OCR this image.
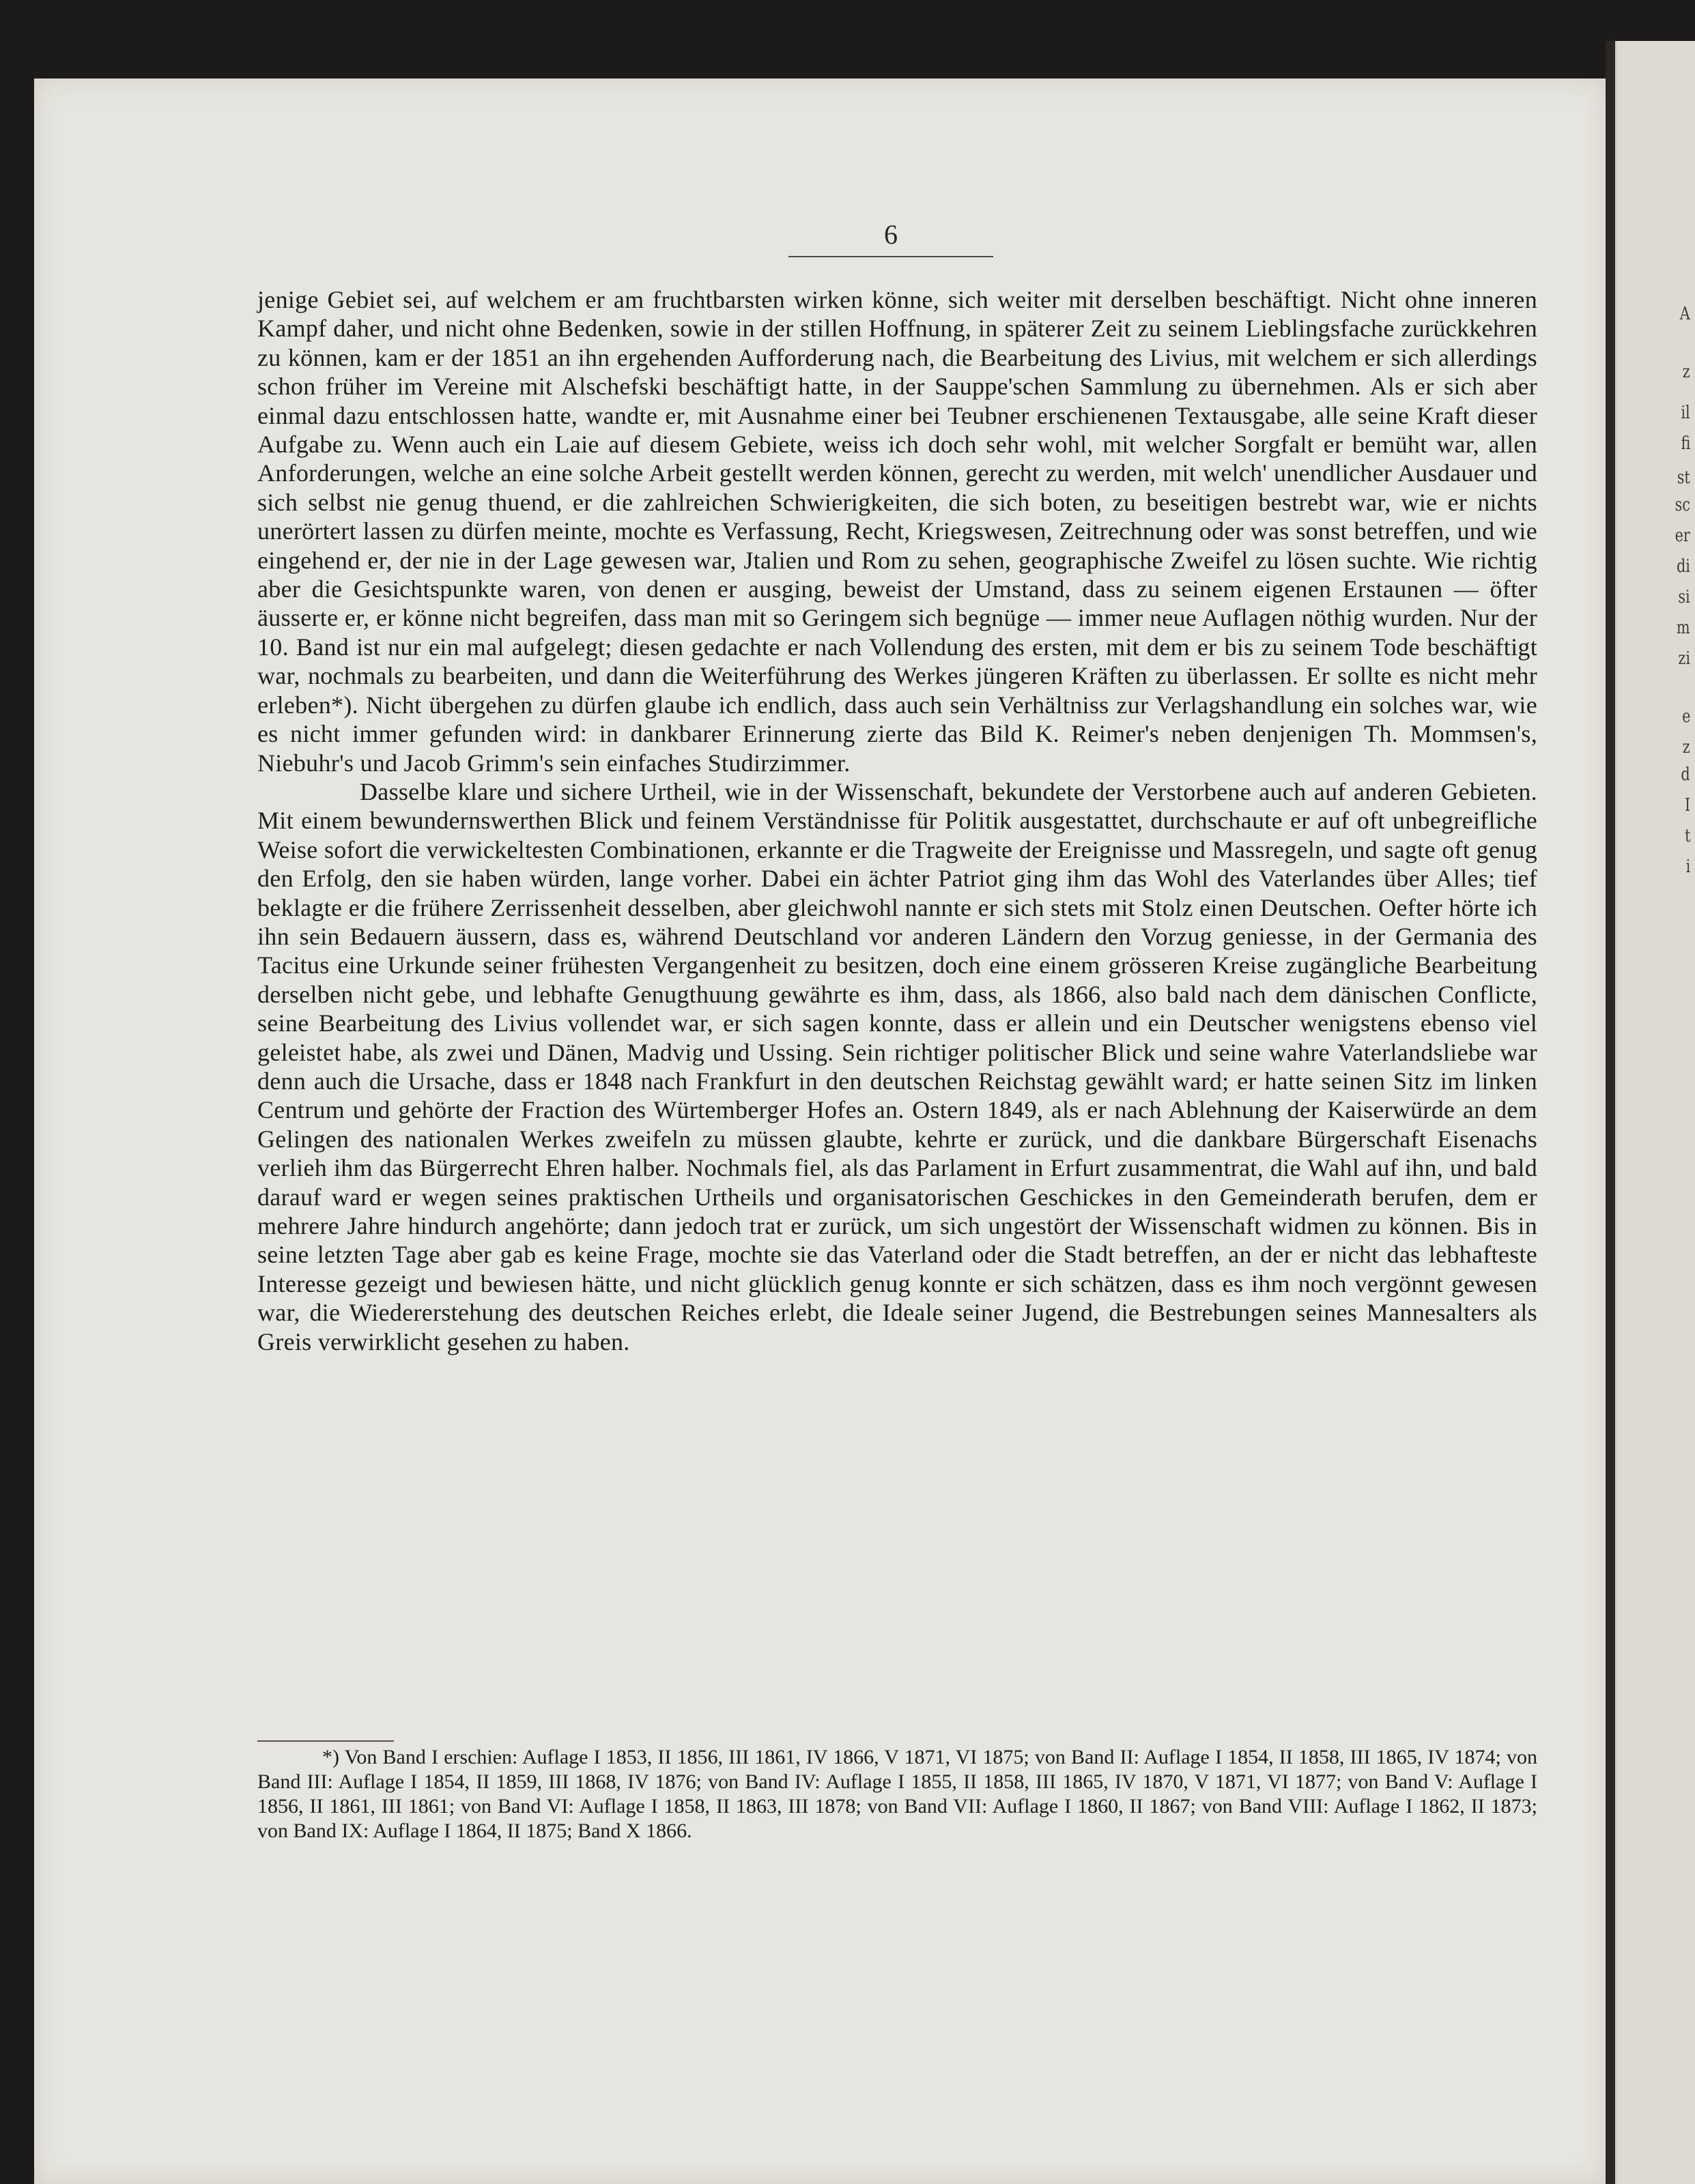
A
z
il
fi
st
sc
er
di
si
m
zi
e
z
d
I
t
i
6

jenige Gebiet sei, auf welchem er am fruchtbarsten wirken könne, sich weiter mit derselben beschäftigt. Nicht ohne inneren Kampf daher, und nicht ohne Bedenken, sowie in der stillen Hoffnung, in späterer Zeit zu seinem Lieblingsfache zurückkehren zu können, kam er der 1851 an ihn ergehenden Aufforderung nach, die Bearbeitung des Livius, mit welchem er sich allerdings schon früher im Vereine mit Alschefski beschäftigt hatte, in der Sauppe'schen Sammlung zu übernehmen. Als er sich aber einmal dazu entschlossen hatte, wandte er, mit Ausnahme einer bei Teubner erschienenen Textausgabe, alle seine Kraft dieser Aufgabe zu. Wenn auch ein Laie auf diesem Gebiete, weiss ich doch sehr wohl, mit welcher Sorgfalt er bemüht war, allen Anforderungen, welche an eine solche Arbeit gestellt werden können, gerecht zu werden, mit welch' unendlicher Ausdauer und sich selbst nie genug thuend, er die zahlreichen Schwierigkeiten, die sich boten, zu beseitigen bestrebt war, wie er nichts unerörtert lassen zu dürfen meinte, mochte es Verfassung, Recht, Kriegswesen, Zeitrechnung oder was sonst betreffen, und wie eingehend er, der nie in der Lage gewesen war, Jtalien und Rom zu sehen, geographische Zweifel zu lösen suchte. Wie richtig aber die Gesichtspunkte waren, von denen er ausging, beweist der Umstand, dass zu seinem eigenen Erstaunen — öfter äusserte er, er könne nicht begreifen, dass man mit so Geringem sich begnüge — immer neue Auflagen nöthig wurden. Nur der 10. Band ist nur ein mal aufgelegt; diesen gedachte er nach Vollendung des ersten, mit dem er bis zu seinem Tode beschäftigt war, nochmals zu bearbeiten, und dann die Weiterführung des Werkes jüngeren Kräften zu überlassen. Er sollte es nicht mehr erleben*). Nicht übergehen zu dürfen glaube ich endlich, dass auch sein Verhältniss zur Verlagshandlung ein solches war, wie es nicht immer gefunden wird: in dankbarer Erinnerung zierte das Bild K. Reimer's neben denjenigen Th. Mommsen's, Niebuhr's und Jacob Grimm's sein einfaches Studirzimmer.

Dasselbe klare und sichere Urtheil, wie in der Wissenschaft, bekundete der Verstorbene auch auf anderen Gebieten. Mit einem bewundernswerthen Blick und feinem Verständnisse für Politik ausgestattet, durchschaute er auf oft unbegreifliche Weise sofort die verwickeltesten Combinationen, erkannte er die Tragweite der Ereignisse und Massregeln, und sagte oft genug den Erfolg, den sie haben würden, lange vorher. Dabei ein ächter Patriot ging ihm das Wohl des Vaterlandes über Alles; tief beklagte er die frühere Zerrissenheit desselben, aber gleichwohl nannte er sich stets mit Stolz einen Deutschen. Oefter hörte ich ihn sein Bedauern äussern, dass es, während Deutschland vor anderen Ländern den Vorzug geniesse, in der Germania des Tacitus eine Urkunde seiner frühesten Vergangenheit zu besitzen, doch eine einem grösseren Kreise zugängliche Bearbeitung derselben nicht gebe, und lebhafte Genugthuung gewährte es ihm, dass, als 1866, also bald nach dem dänischen Conflicte, seine Bearbeitung des Livius vollendet war, er sich sagen konnte, dass er allein und ein Deutscher wenigstens ebenso viel geleistet habe, als zwei und Dänen, Madvig und Ussing. Sein richtiger politischer Blick und seine wahre Vaterlandsliebe war denn auch die Ursache, dass er 1848 nach Frankfurt in den deutschen Reichstag gewählt ward; er hatte seinen Sitz im linken Centrum und gehörte der Fraction des Würtemberger Hofes an. Ostern 1849, als er nach Ablehnung der Kaiserwürde an dem Gelingen des nationalen Werkes zweifeln zu müssen glaubte, kehrte er zurück, und die dankbare Bürgerschaft Eisenachs verlieh ihm das Bürgerrecht Ehren halber. Nochmals fiel, als das Parlament in Erfurt zusammentrat, die Wahl auf ihn, und bald darauf ward er wegen seines praktischen Urtheils und organisatorischen Geschickes in den Gemeinderath berufen, dem er mehrere Jahre hindurch angehörte; dann jedoch trat er zurück, um sich ungestört der Wissenschaft widmen zu können. Bis in seine letzten Tage aber gab es keine Frage, mochte sie das Vaterland oder die Stadt betreffen, an der er nicht das lebhafteste Interesse gezeigt und bewiesen hätte, und nicht glücklich genug konnte er sich schätzen, dass es ihm noch vergönnt gewesen war, die Wiedererstehung des deutschen Reiches erlebt, die Ideale seiner Jugend, die Bestrebungen seines Mannesalters als Greis verwirklicht gesehen zu haben.

*) Von Band I erschien: Auflage I 1853, II 1856, III 1861, IV 1866, V 1871, VI 1875; von Band II: Auflage I 1854, II 1858, III 1865, IV 1874; von Band III: Auflage I 1854, II 1859, III 1868, IV 1876; von Band IV: Auflage I 1855, II 1858, III 1865, IV 1870, V 1871, VI 1877; von Band V: Auflage I 1856, II 1861, III 1861; von Band VI: Auflage I 1858, II 1863, III 1878; von Band VII: Auflage I 1860, II 1867; von Band VIII: Auflage I 1862, II 1873; von Band IX: Auflage I 1864, II 1875; Band X 1866.
